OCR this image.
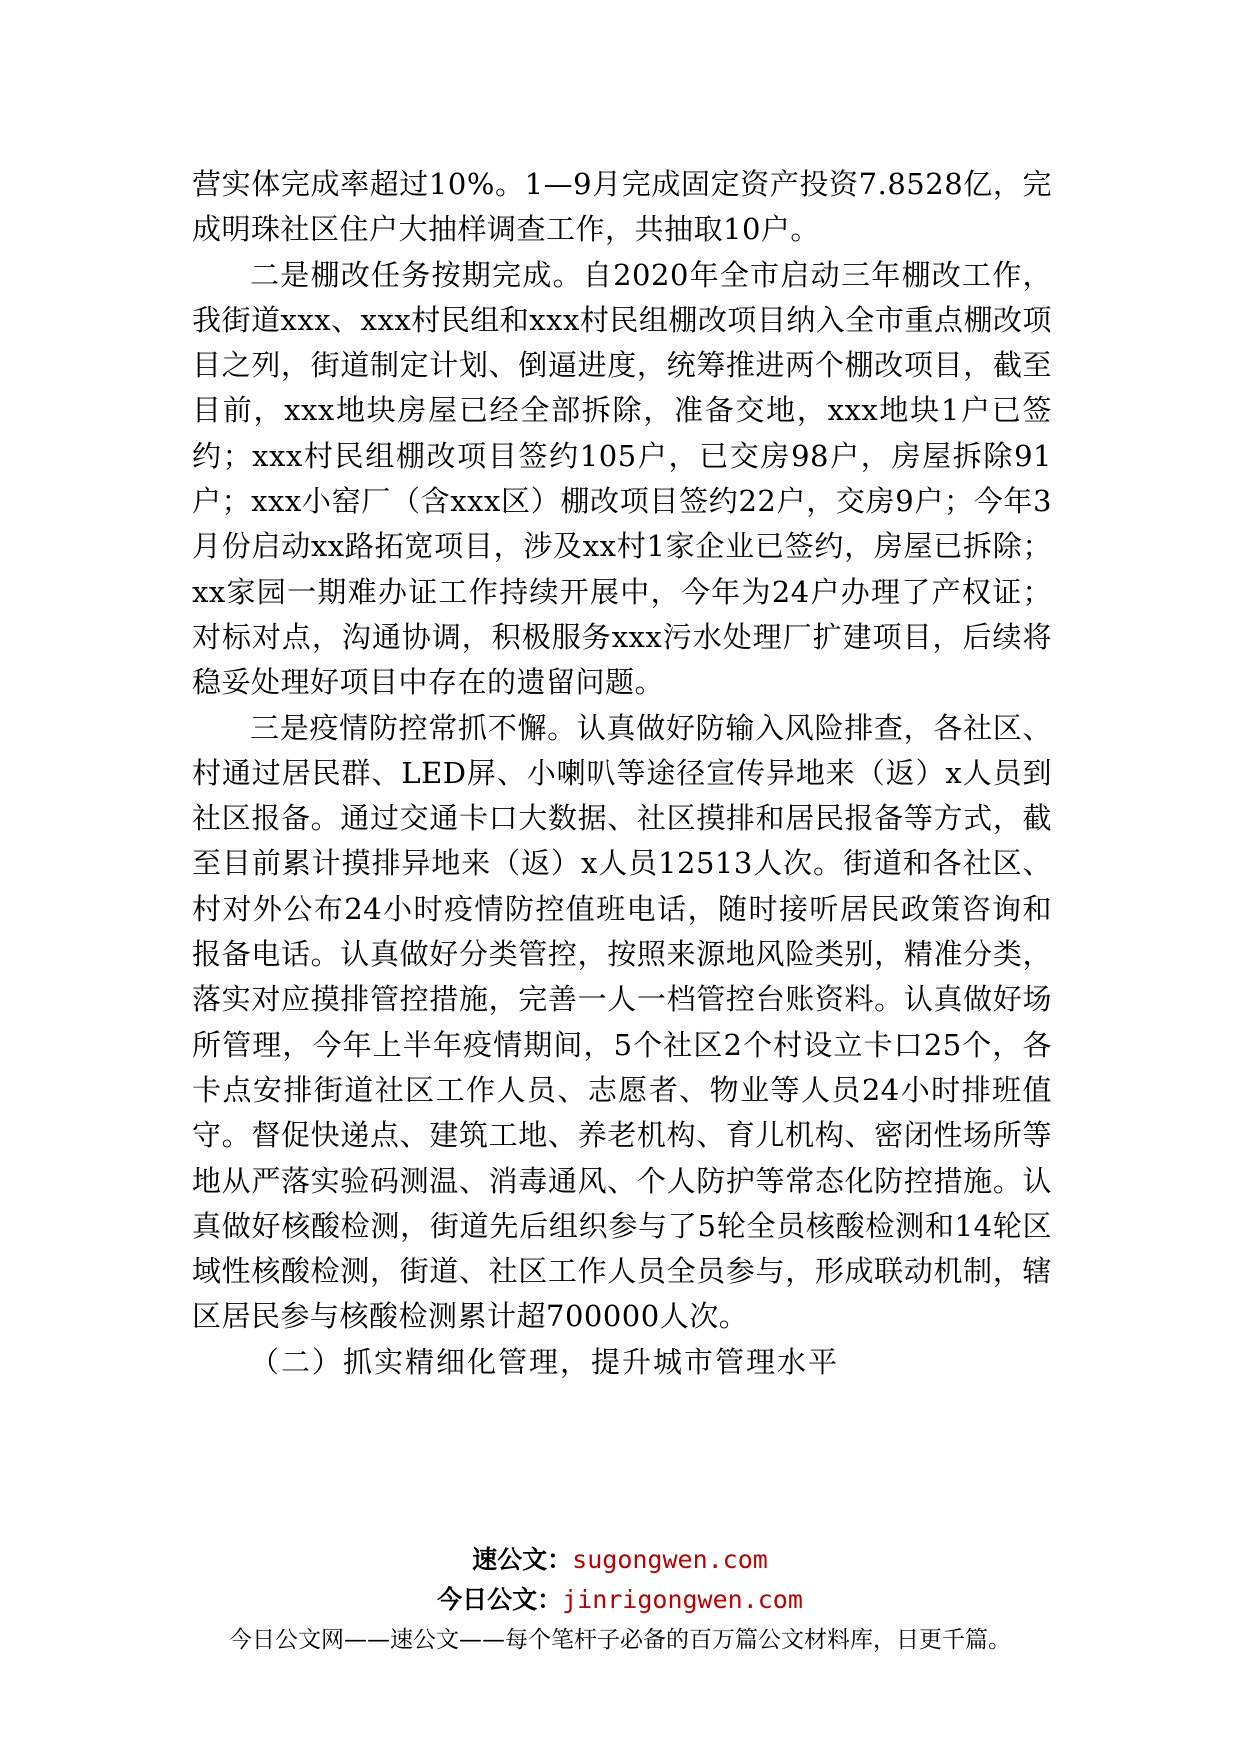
营实体完成率超过10%。1—9月完成固定资产投资7.8528亿，完成明珠社区住户大抽样调查工作，共抽取10户。

二是棚改任务按期完成。自2020年全市启动三年棚改工作，我街道xxx、xxx村民组和xxx村民组棚改项目纳入全市重点棚改项目之列，街道制定计划、倒逼进度，统筹推进两个棚改项目，截至目前，xxx地块房屋已经全部拆除，准备交地，xxx地块1户已签约；xxx村民组棚改项目签约105户，已交房98户，房屋拆除91户；xxx小窑厂（含xxx区）棚改项目签约22户，交房9户；今年3月份启动xx路拓宽项目，涉及xx村1家企业已签约，房屋已拆除；xx家园一期难办证工作持续开展中，今年为24户办理了产权证；对标对点，沟通协调，积极服务xxx污水处理厂扩建项目，后续将稳妥处理好项目中存在的遗留问题。

三是疫情防控常抓不懈。认真做好防输入风险排查，各社区、村通过居民群、LED屏、小喇叭等途径宣传异地来（返）x人员到社区报备。通过交通卡口大数据、社区摸排和居民报备等方式，截至目前累计摸排异地来（返）x人员12513人次。街道和各社区、村对外公布24小时疫情防控值班电话，随时接听居民政策咨询和报备电话。认真做好分类管控，按照来源地风险类别，精准分类，落实对应摸排管控措施，完善一人一档管控台账资料。认真做好场所管理，今年上半年疫情期间，5个社区2个村设立卡口25个，各卡点安排街道社区工作人员、志愿者、物业等人员24小时排班值守。督促快递点、建筑工地、养老机构、育儿机构、密闭性场所等地从严落实验码测温、消毒通风、个人防护等常态化防控措施。认真做好核酸检测，街道先后组织参与了5轮全员核酸检测和14轮区域性核酸检测，街道、社区工作人员全员参与，形成联动机制，辖区居民参与核酸检测累计超700000人次。

（二）抓实精细化管理，提升城市管理水平

速公文：sugongwen.com
今日公文：jinrigongwen.com
今日公文网——速公文——每个笔杆子必备的百万篇公文材料库，日更千篇。
